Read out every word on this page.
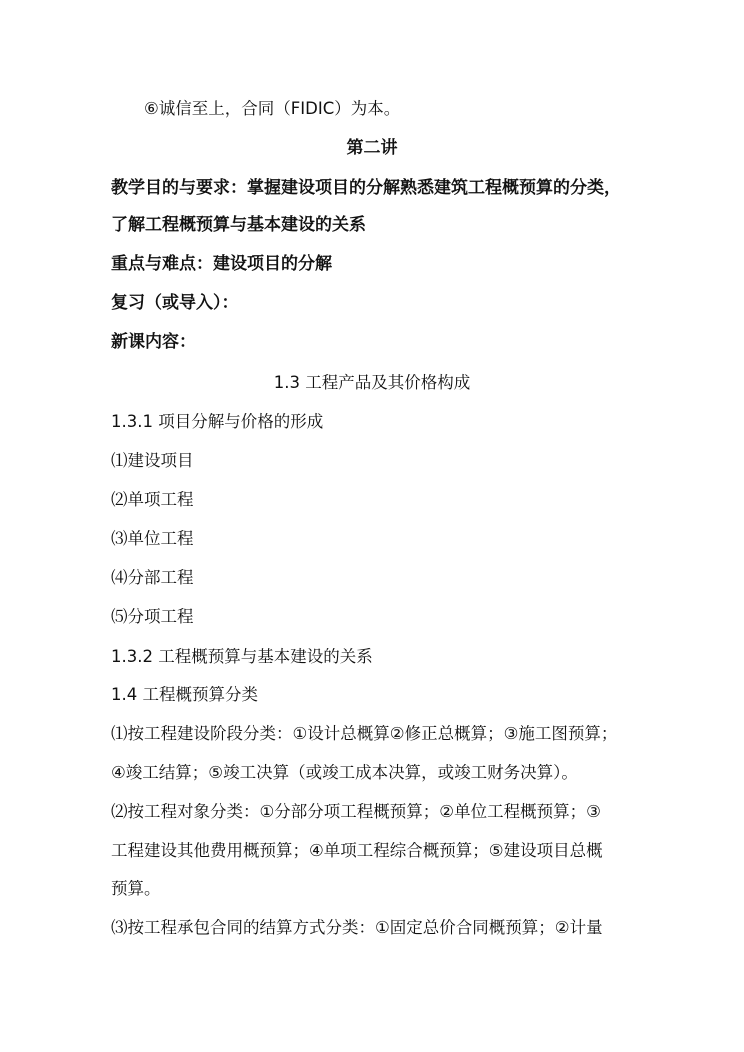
⑥诚信至上，合同（FIDIC）为本。
第二讲
教学目的与要求：掌握建设项目的分解熟悉建筑工程概预算的分类，
了解工程概预算与基本建设的关系
重点与难点：建设项目的分解
复习（或导入）：
新课内容：
1.3 工程产品及其价格构成
1.3.1 项目分解与价格的形成
⑴建设项目
⑵单项工程
⑶单位工程
⑷分部工程
⑸分项工程
1.3.2 工程概预算与基本建设的关系
1.4 工程概预算分类
⑴按工程建设阶段分类：①设计总概算②修正总概算；③施工图预算；
④竣工结算；⑤竣工决算（或竣工成本决算，或竣工财务决算）。
⑵按工程对象分类：①分部分项工程概预算；②单位工程概预算；③
工程建设其他费用概预算；④单项工程综合概预算；⑤建设项目总概
预算。
⑶按工程承包合同的结算方式分类：①固定总价合同概预算；②计量
